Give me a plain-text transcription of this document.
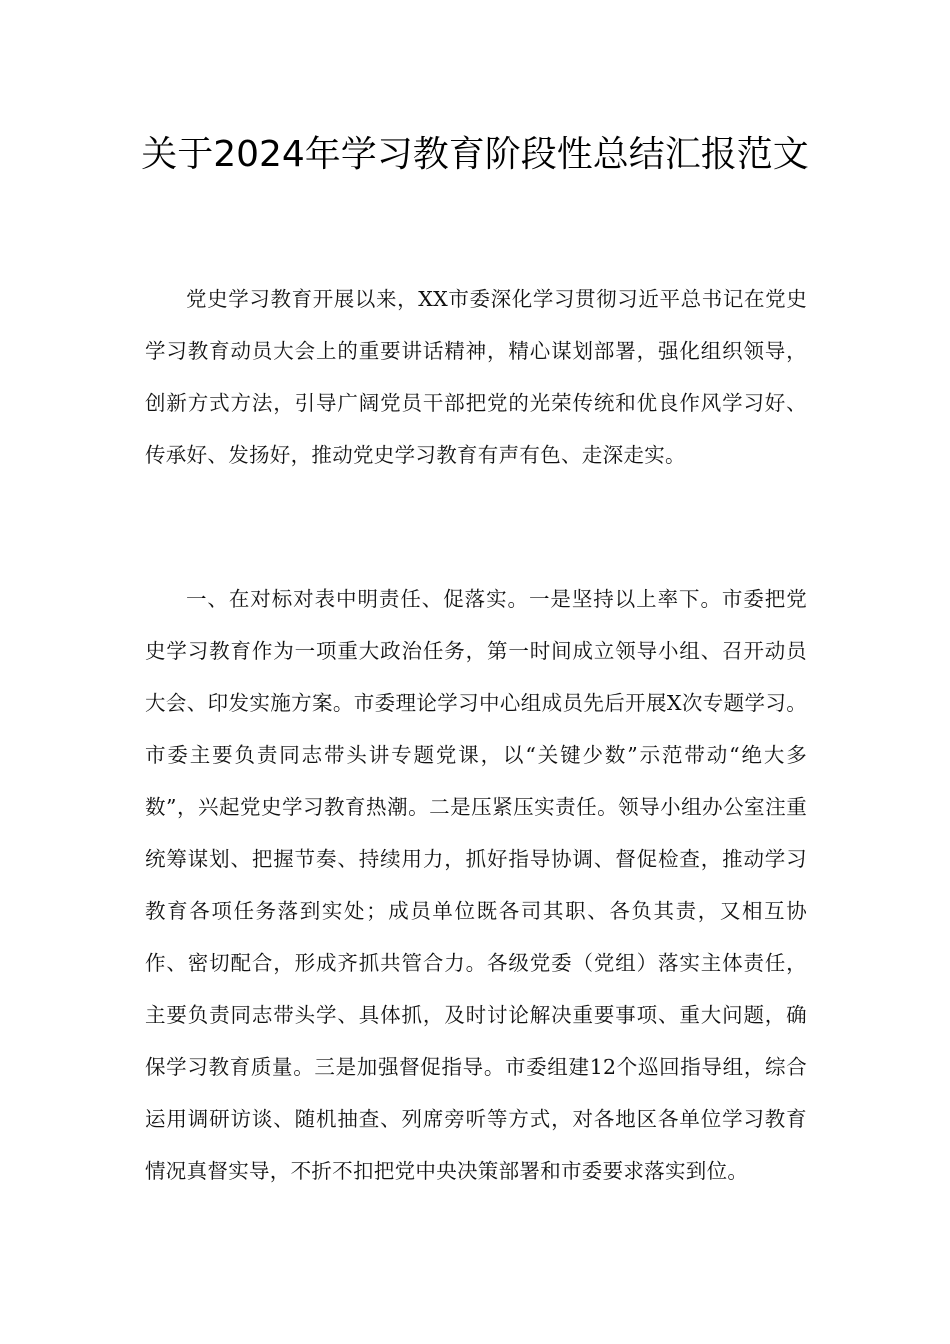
关于2024年学习教育阶段性总结汇报范文

党史学习教育开展以来，XX市委深化学习贯彻习近平总书记在党史学习教育动员大会上的重要讲话精神，精心谋划部署，强化组织领导，创新方式方法，引导广阔党员干部把党的光荣传统和优良作风学习好、传承好、发扬好，推动党史学习教育有声有色、走深走实。

一、在对标对表中明责任、促落实。一是坚持以上率下。市委把党史学习教育作为一项重大政治任务，第一时间成立领导小组、召开动员大会、印发实施方案。市委理论学习中心组成员先后开展X次专题学习。市委主要负责同志带头讲专题党课，以“关键少数”示范带动“绝大多数”，兴起党史学习教育热潮。二是压紧压实责任。领导小组办公室注重统筹谋划、把握节奏、持续用力，抓好指导协调、督促检查，推动学习教育各项任务落到实处；成员单位既各司其职、各负其责，又相互协作、密切配合，形成齐抓共管合力。各级党委（党组）落实主体责任，主要负责同志带头学、具体抓，及时讨论解决重要事项、重大问题，确保学习教育质量。三是加强督促指导。市委组建12个巡回指导组，综合运用调研访谈、随机抽查、列席旁听等方式，对各地区各单位学习教育情况真督实导，不折不扣把党中央决策部署和市委要求落实到位。
